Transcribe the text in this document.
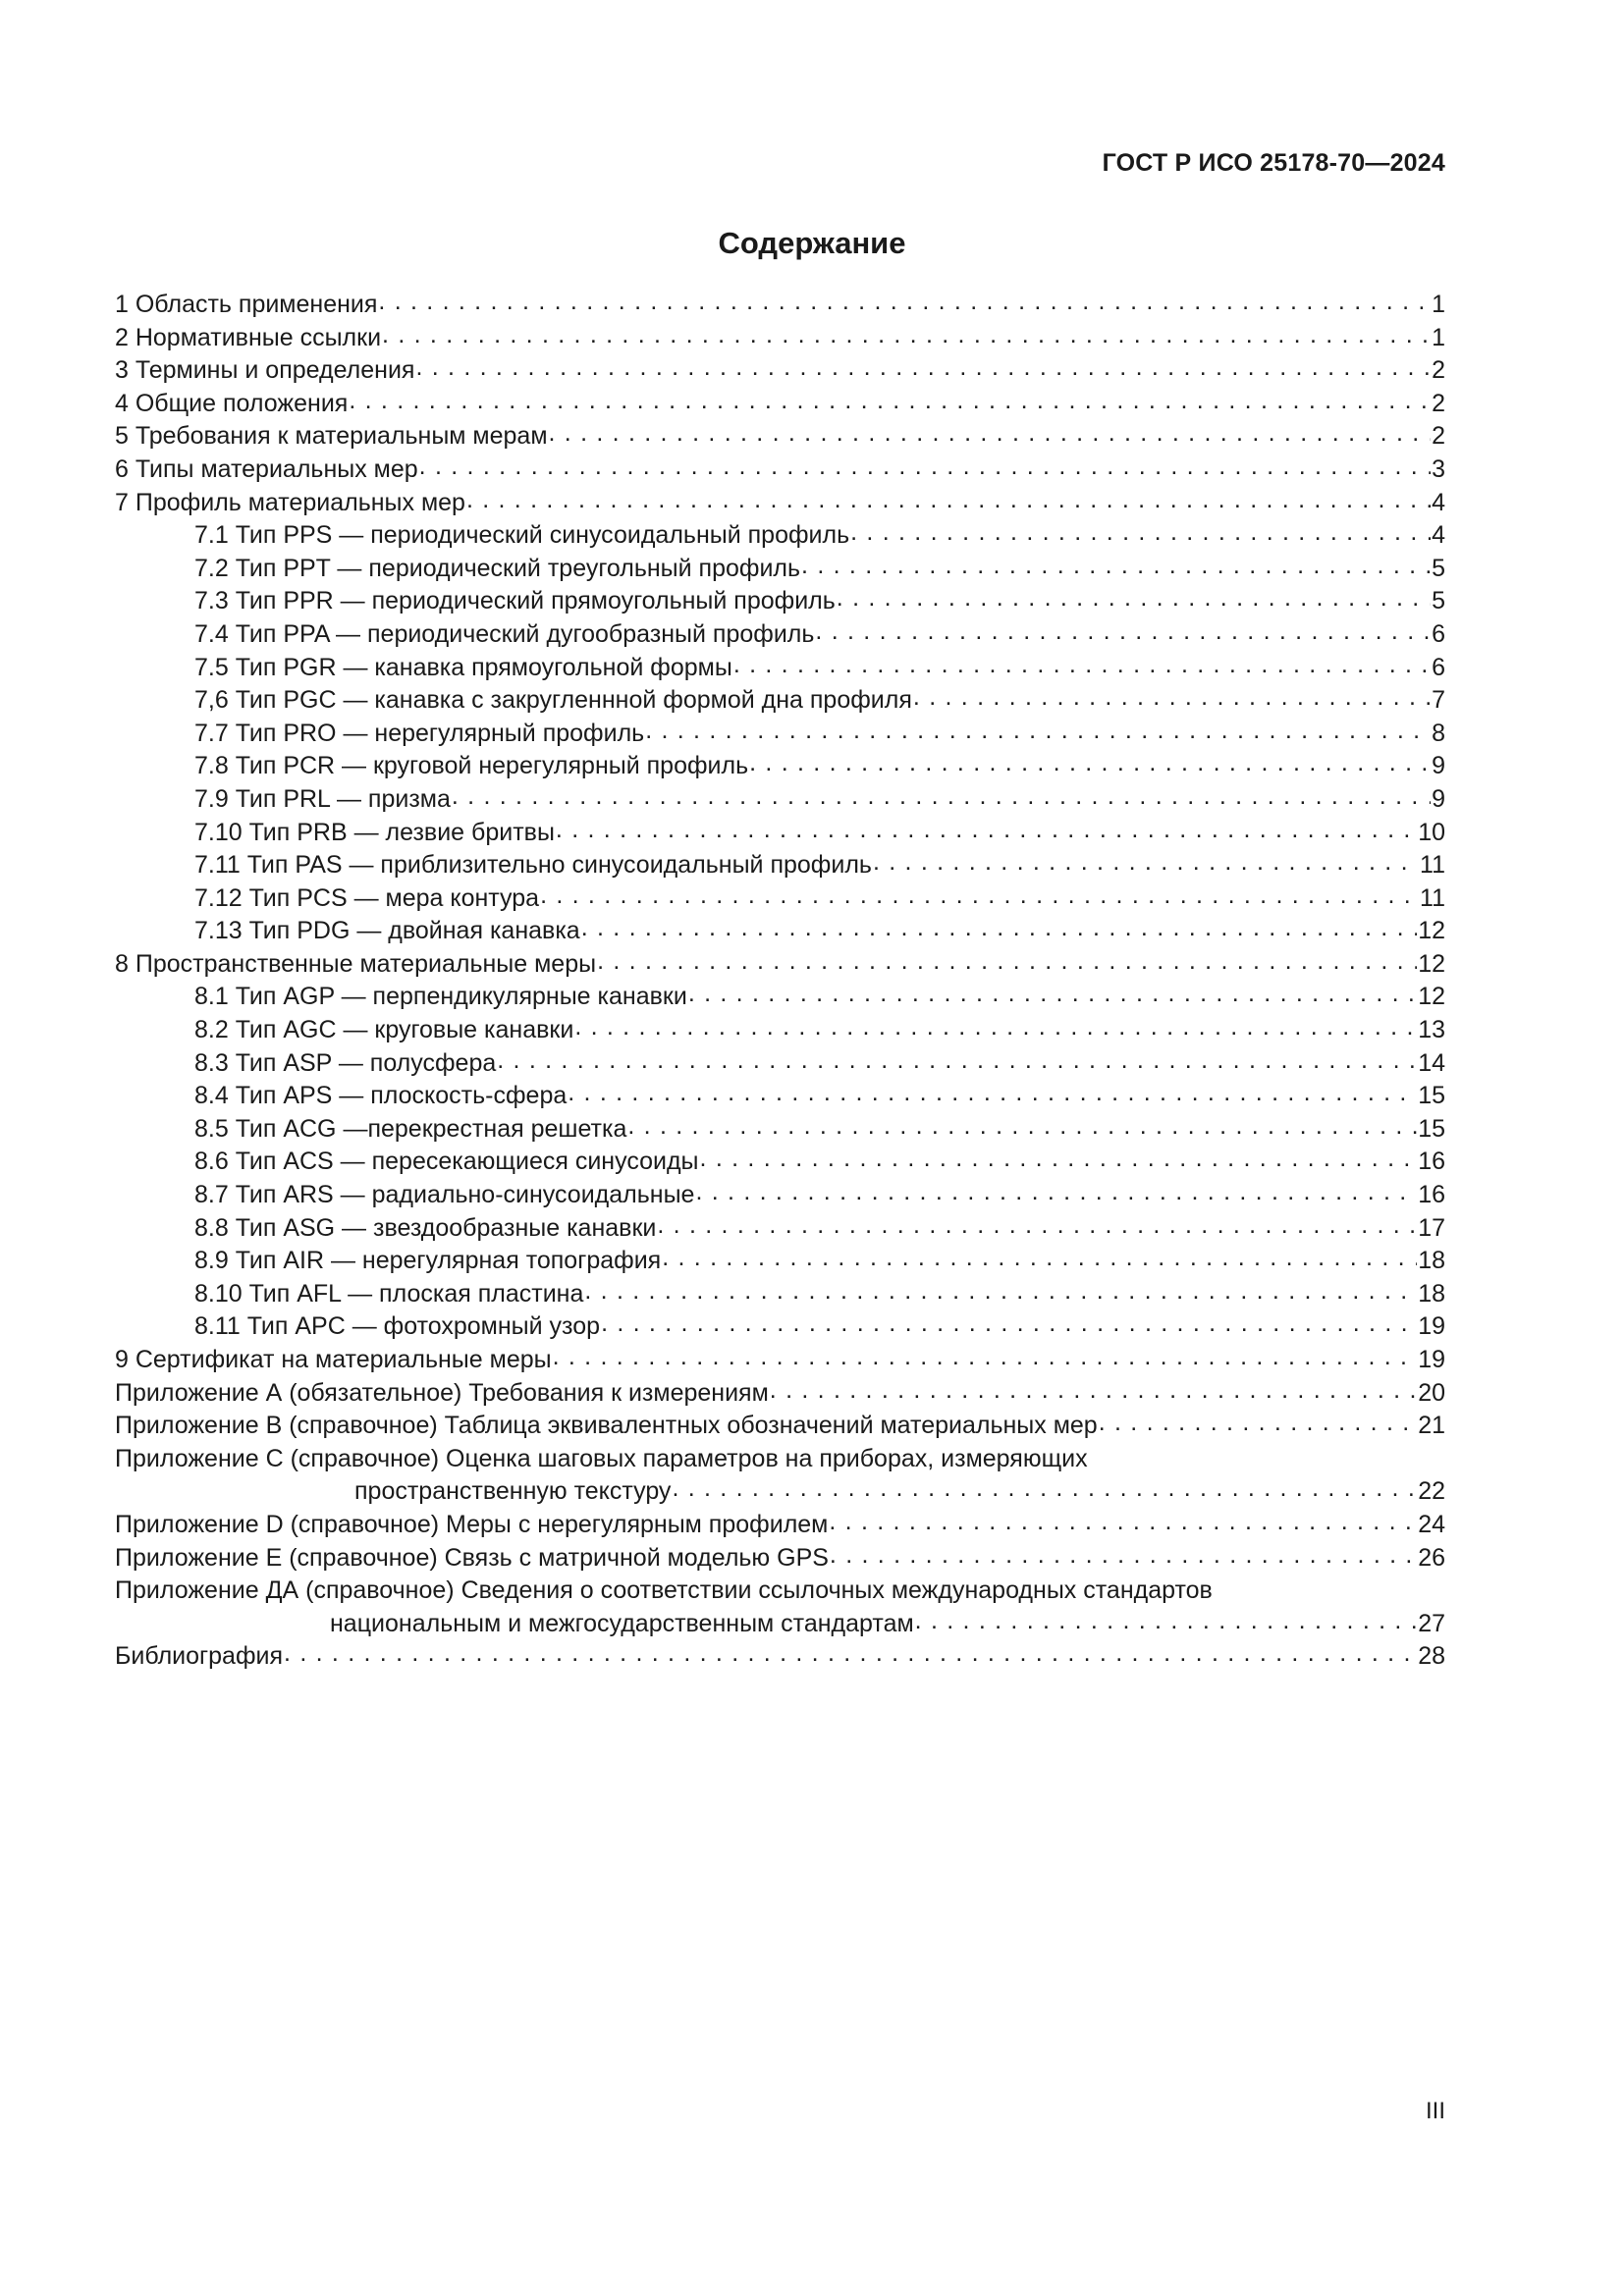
ГОСТ Р ИСО 25178-70—2024
Содержание
1 Область применения . . .	1
2 Нормативные ссылки . . .	1
3 Термины и определения . . .	2
4 Общие положения . . .	2
5 Требования к материальным мерам . . .	2
6 Типы материальных мер . . .	3
7 Профиль материальных мер . . .	4
7.1 Тип PPS — периодический синусоидальный профиль . . .	4
7.2 Тип PPT — периодический треугольный профиль . . .	5
7.3 Тип PPR — периодический прямоугольный профиль . . .	5
7.4 Тип PPA — периодический дугообразный профиль . . .	6
7.5 Тип PGR — канавка прямоугольной формы . . .	6
7,6 Тип PGC — канавка с закругленнной формой дна профиля . . .	7
7.7 Тип PRO — нерегулярный профиль . . .	8
7.8 Тип PCR — круговой нерегулярный профиль . . .	9
7.9 Тип PRL — призма . . .	9
7.10 Тип PRB — лезвие бритвы . . .	10
7.11 Тип PAS — приблизительно синусоидальный профиль . . .	11
7.12 Тип PCS — мера контура . . .	11
7.13 Тип PDG — двойная канавка . . .	12
8 Пространственные материальные меры . . .	12
8.1 Тип AGP — перпендикулярные канавки . . .	12
8.2 Тип AGC — круговые канавки . . .	13
8.3 Тип ASP — полусфера . . .	14
8.4 Тип APS — плоскость-сфера . . .	15
8.5 Тип ACG —перекрестная решетка . . .	15
8.6 Тип ACS — пересекающиеся синусоиды . . .	16
8.7 Тип ARS — радиально-синусоидальные . . .	16
8.8 Тип ASG — звездообразные канавки . . .	17
8.9 Тип AIR — нерегулярная топография . . .	18
8.10 Тип AFL — плоская пластина . . .	18
8.11 Тип APC — фотохромный узор . . .	19
9 Сертификат на материальные меры . . .	19
Приложение А (обязательное) Требования к измерениям . . .	20
Приложение В (справочное) Таблица эквивалентных обозначений материальных мер . . .	21
Приложение С (справочное) Оценка шаговых параметров на приборах, измеряющих
пространственную текстуру . . .	22
Приложение D (справочное) Меры с нерегулярным профилем . . .	24
Приложение Е (справочное) Связь с матричной моделью GPS . . .	26
Приложение ДА (справочное) Сведения о соответствии ссылочных международных стандартов
национальным и межгосударственным стандартам . . .	27
Библиография . . .	28
III
